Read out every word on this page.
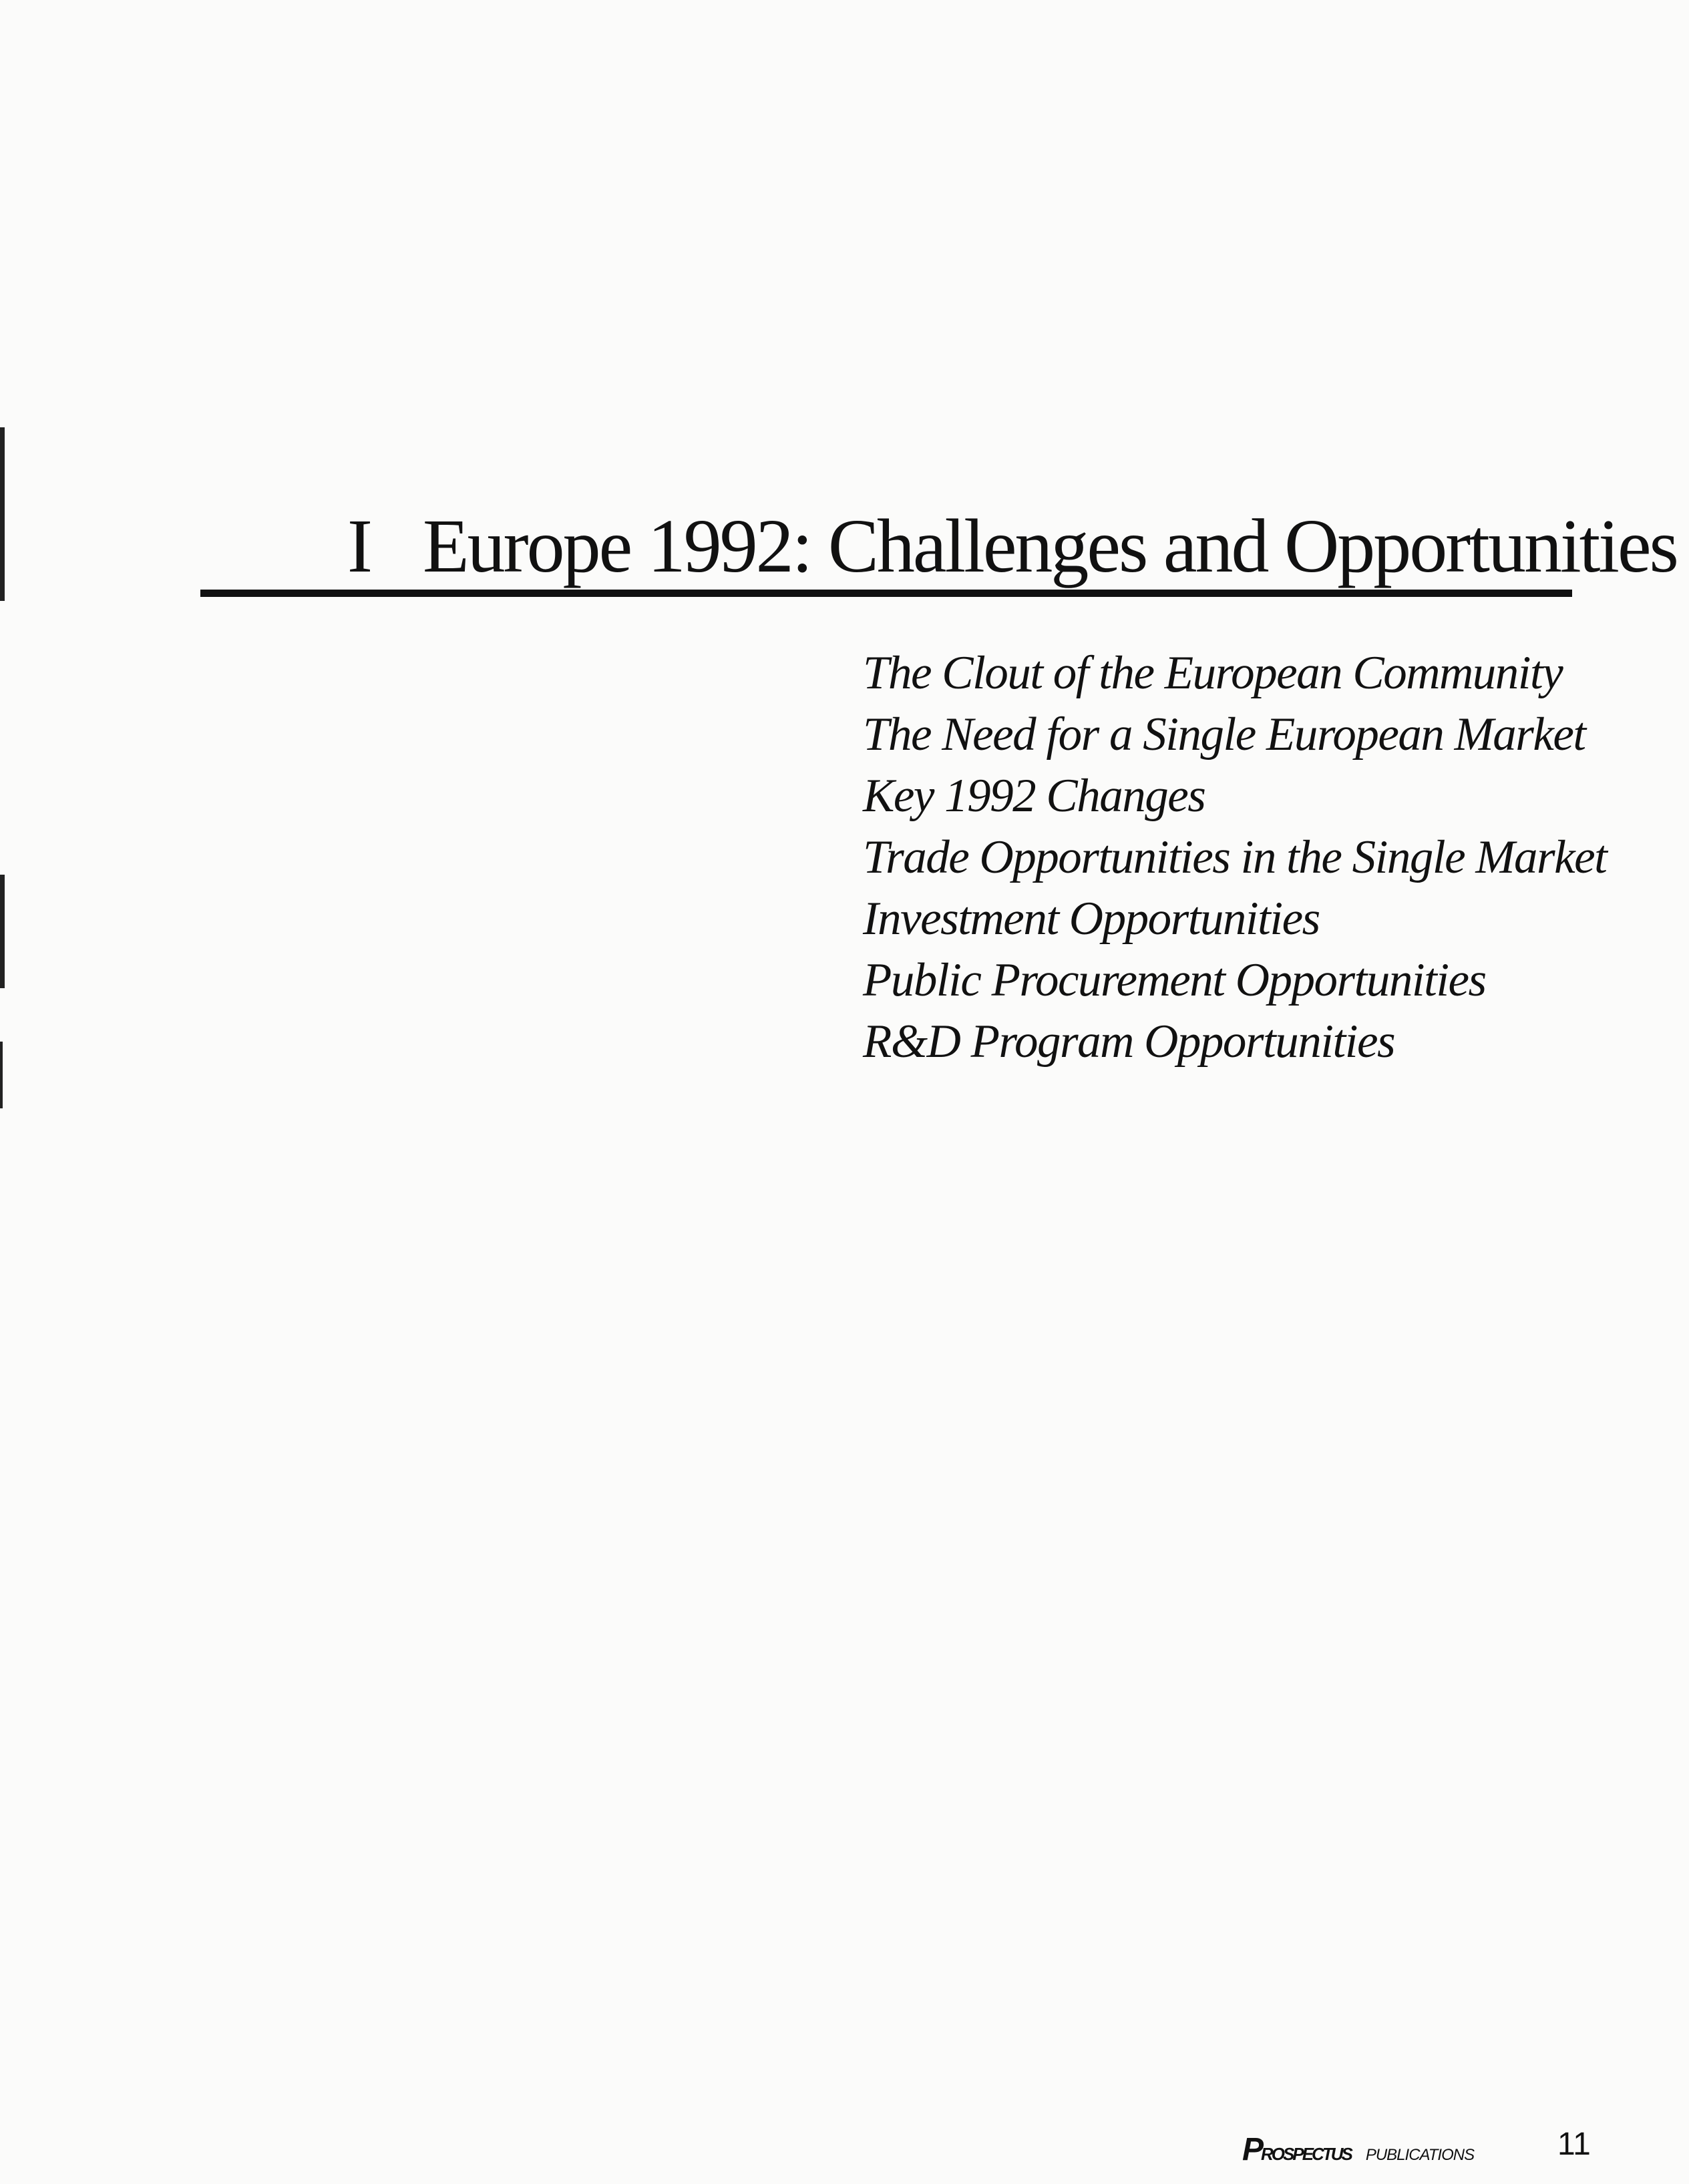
I Europe 1992: Challenges and Opportunities
The Clout of the European Community
The Need for a Single European Market
Key 1992 Changes
Trade Opportunities in the Single Market
Investment Opportunities
Public Procurement Opportunities
R&D Program Opportunities
PROSPECTUS PUBLICATIONS	11
